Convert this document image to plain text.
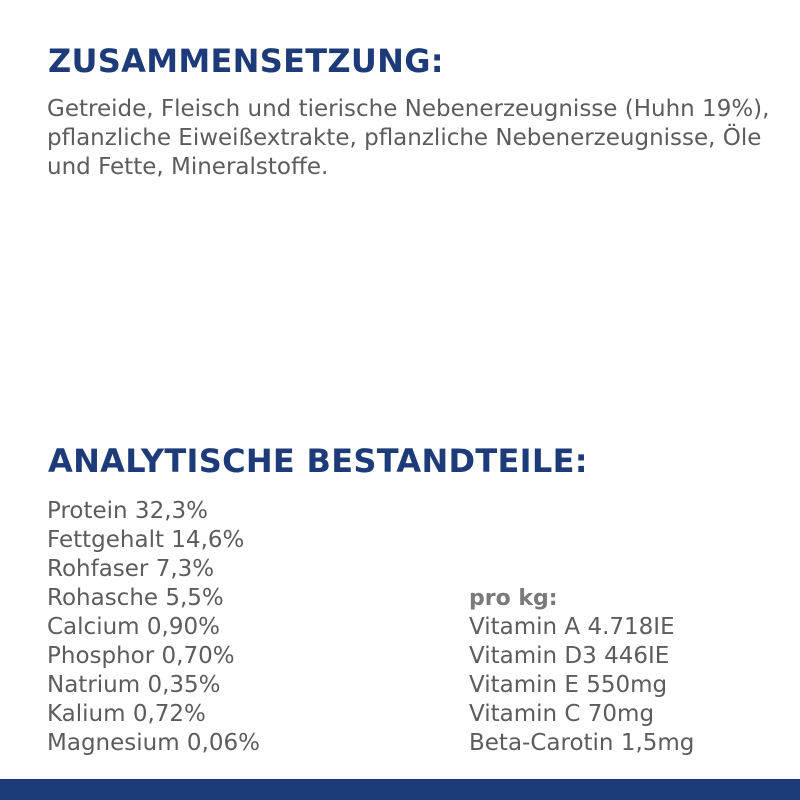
ZUSAMMENSETZUNG:

Getreide, Fleisch und tierische Nebenerzeugnisse (Huhn 19%), pflanzliche Eiweißextrakte, pflanzliche Nebenerzeugnisse, Öle und Fette, Mineralstoffe.

ANALYTISCHE BESTANDTEILE:
Protein 32,3%
Fettgehalt 14,6%
Rohfaser 7,3%
Rohasche 5,5%
Calcium 0,90%
Phosphor 0,70%
Natrium 0,35%
Kalium 0,72%
Magnesium 0,06%
pro kg:
Vitamin A 4.718IE
Vitamin D3 446IE
Vitamin E 550mg
Vitamin C 70mg
Beta-Carotin 1,5mg
